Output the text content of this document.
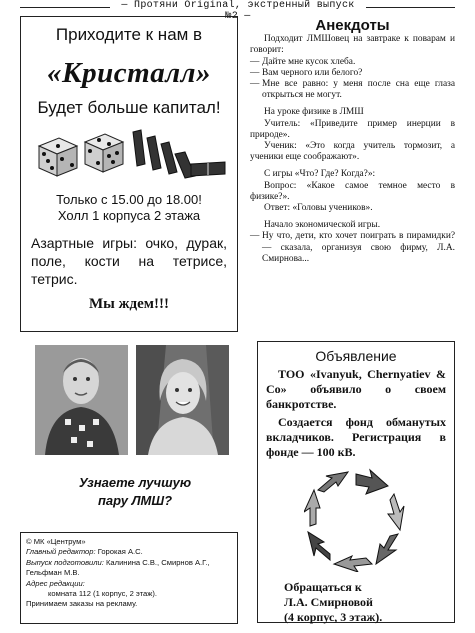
— Протяни Original, экстренный выпуск №2 —
Приходите к нам в
«Кристалл»
Будет больше капитал!
Только с 15.00 до 18.00!
Холл 1 корпуса 2 этажа
Азартные игры: очко, дурак, поле, кости на тетрисе, тетрис.
Мы ждем!!!
Анекдоты

Подходит ЛМШовец на завтраке к поварам и говорит:

— Дайте мне кусок хлеба.

— Вам черного или белого?

— Мне все равно: у меня после сна еще глаза открыться не могут.

На уроке физике в ЛМШ

Учитель: «Приведите пример инерции в природе».

Ученик: «Это когда учитель тормозит, а ученики еще соображают».

С игры «Что? Где? Когда?»:

Вопрос: «Какое самое темное место в физике?».

Ответ: «Головы учеников».

Начало экономической игры.

— Ну что, дети, кто хочет поиграть в пирамидки? — сказала, организуя свою фирму, Л.А. Смирнова...

Узнаете лучшую
пару ЛМШ?

© МК «Центрум»

Главный редактор: Горокая А.С.

Выпуск подготовили: Калинина С.В., Смирнов А.Г., Гельфман М.В.

Адрес редакции:

комната 112 (1 корпус, 2 этаж).

Принимаем заказы на рекламу.

Объявление

ТОО «Ivanyuk, Chernyatiev & Co» объявило о своем банкротстве.

Создается фонд обманутых вкладчиков. Регистрация в фонде — 100 кВ.

Обращаться к
Л.А. Смирновой
(4 корпус, 3 этаж).
